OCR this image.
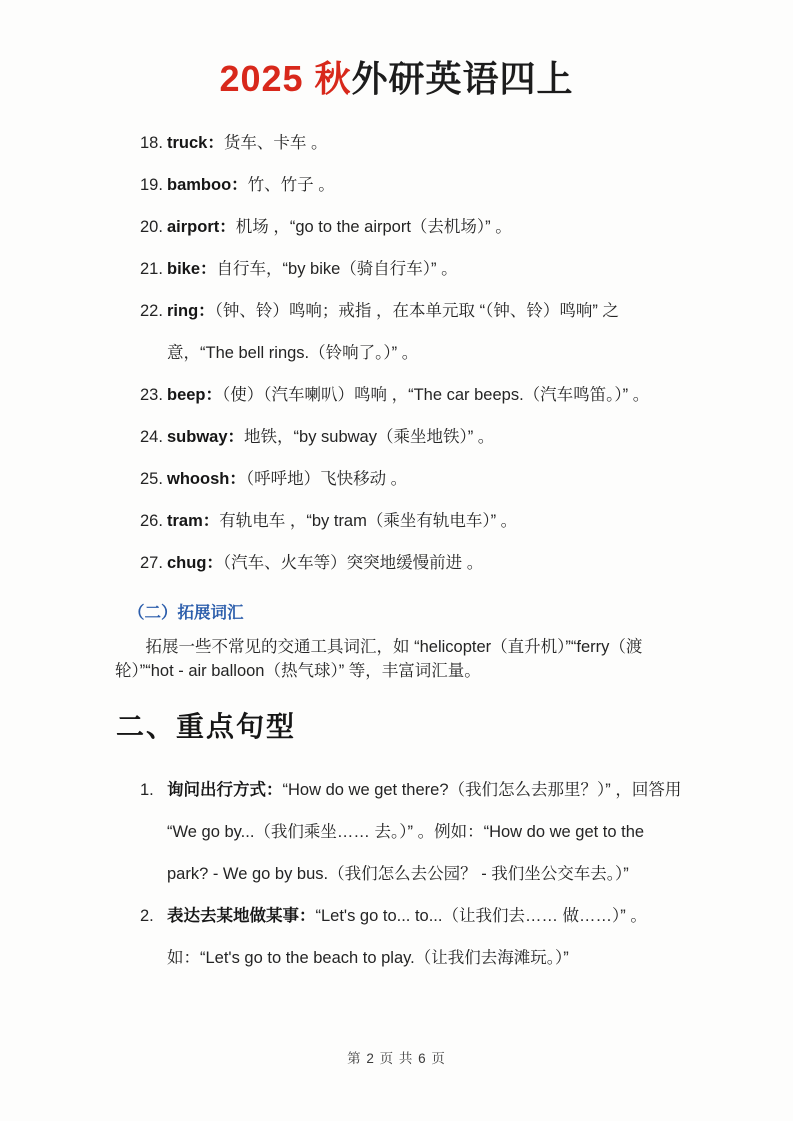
2025 秋外研英语四上

18. truck：货车、卡车 。

19. bamboo：竹、竹子 。

20. airport：机场 ，“go to the airport（去机场）” 。

21. bike：自行车，“by bike（骑自行车）” 。

22. ring：（钟、铃）鸣响；戒指 ，在本单元取 “（钟、铃）鸣响” 之意，“The bell rings.（铃响了。）” 。

23. beep：（使）（汽车喇叭）鸣响 ，“The car beeps.（汽车鸣笛。）” 。

24. subway：地铁，“by subway（乘坐地铁）” 。

25. whoosh：（呼呼地）飞快移动 。

26. tram：有轨电车 ，“by tram（乘坐有轨电车）” 。

27. chug：（汽车、火车等）突突地缓慢前进 。

（二）拓展词汇

拓展一些不常见的交通工具词汇，如 “helicopter（直升机）”“ferry（渡轮）”“hot - air balloon（热气球）” 等，丰富词汇量。

二、重点句型

1. 询问出行方式：“How do we get there?（我们怎么去那里？）” ，回答用 “We go by...（我们乘坐…… 去。）” 。例如：“How do we get to the park? - We go by bus.（我们怎么去公园？ - 我们坐公交车去。）”

2. 表达去某地做某事：“Let's go to... to...（让我们去…… 做……）” 。如：“Let's go to the beach to play.（让我们去海滩玩。）”

第 2 页 共 6 页
